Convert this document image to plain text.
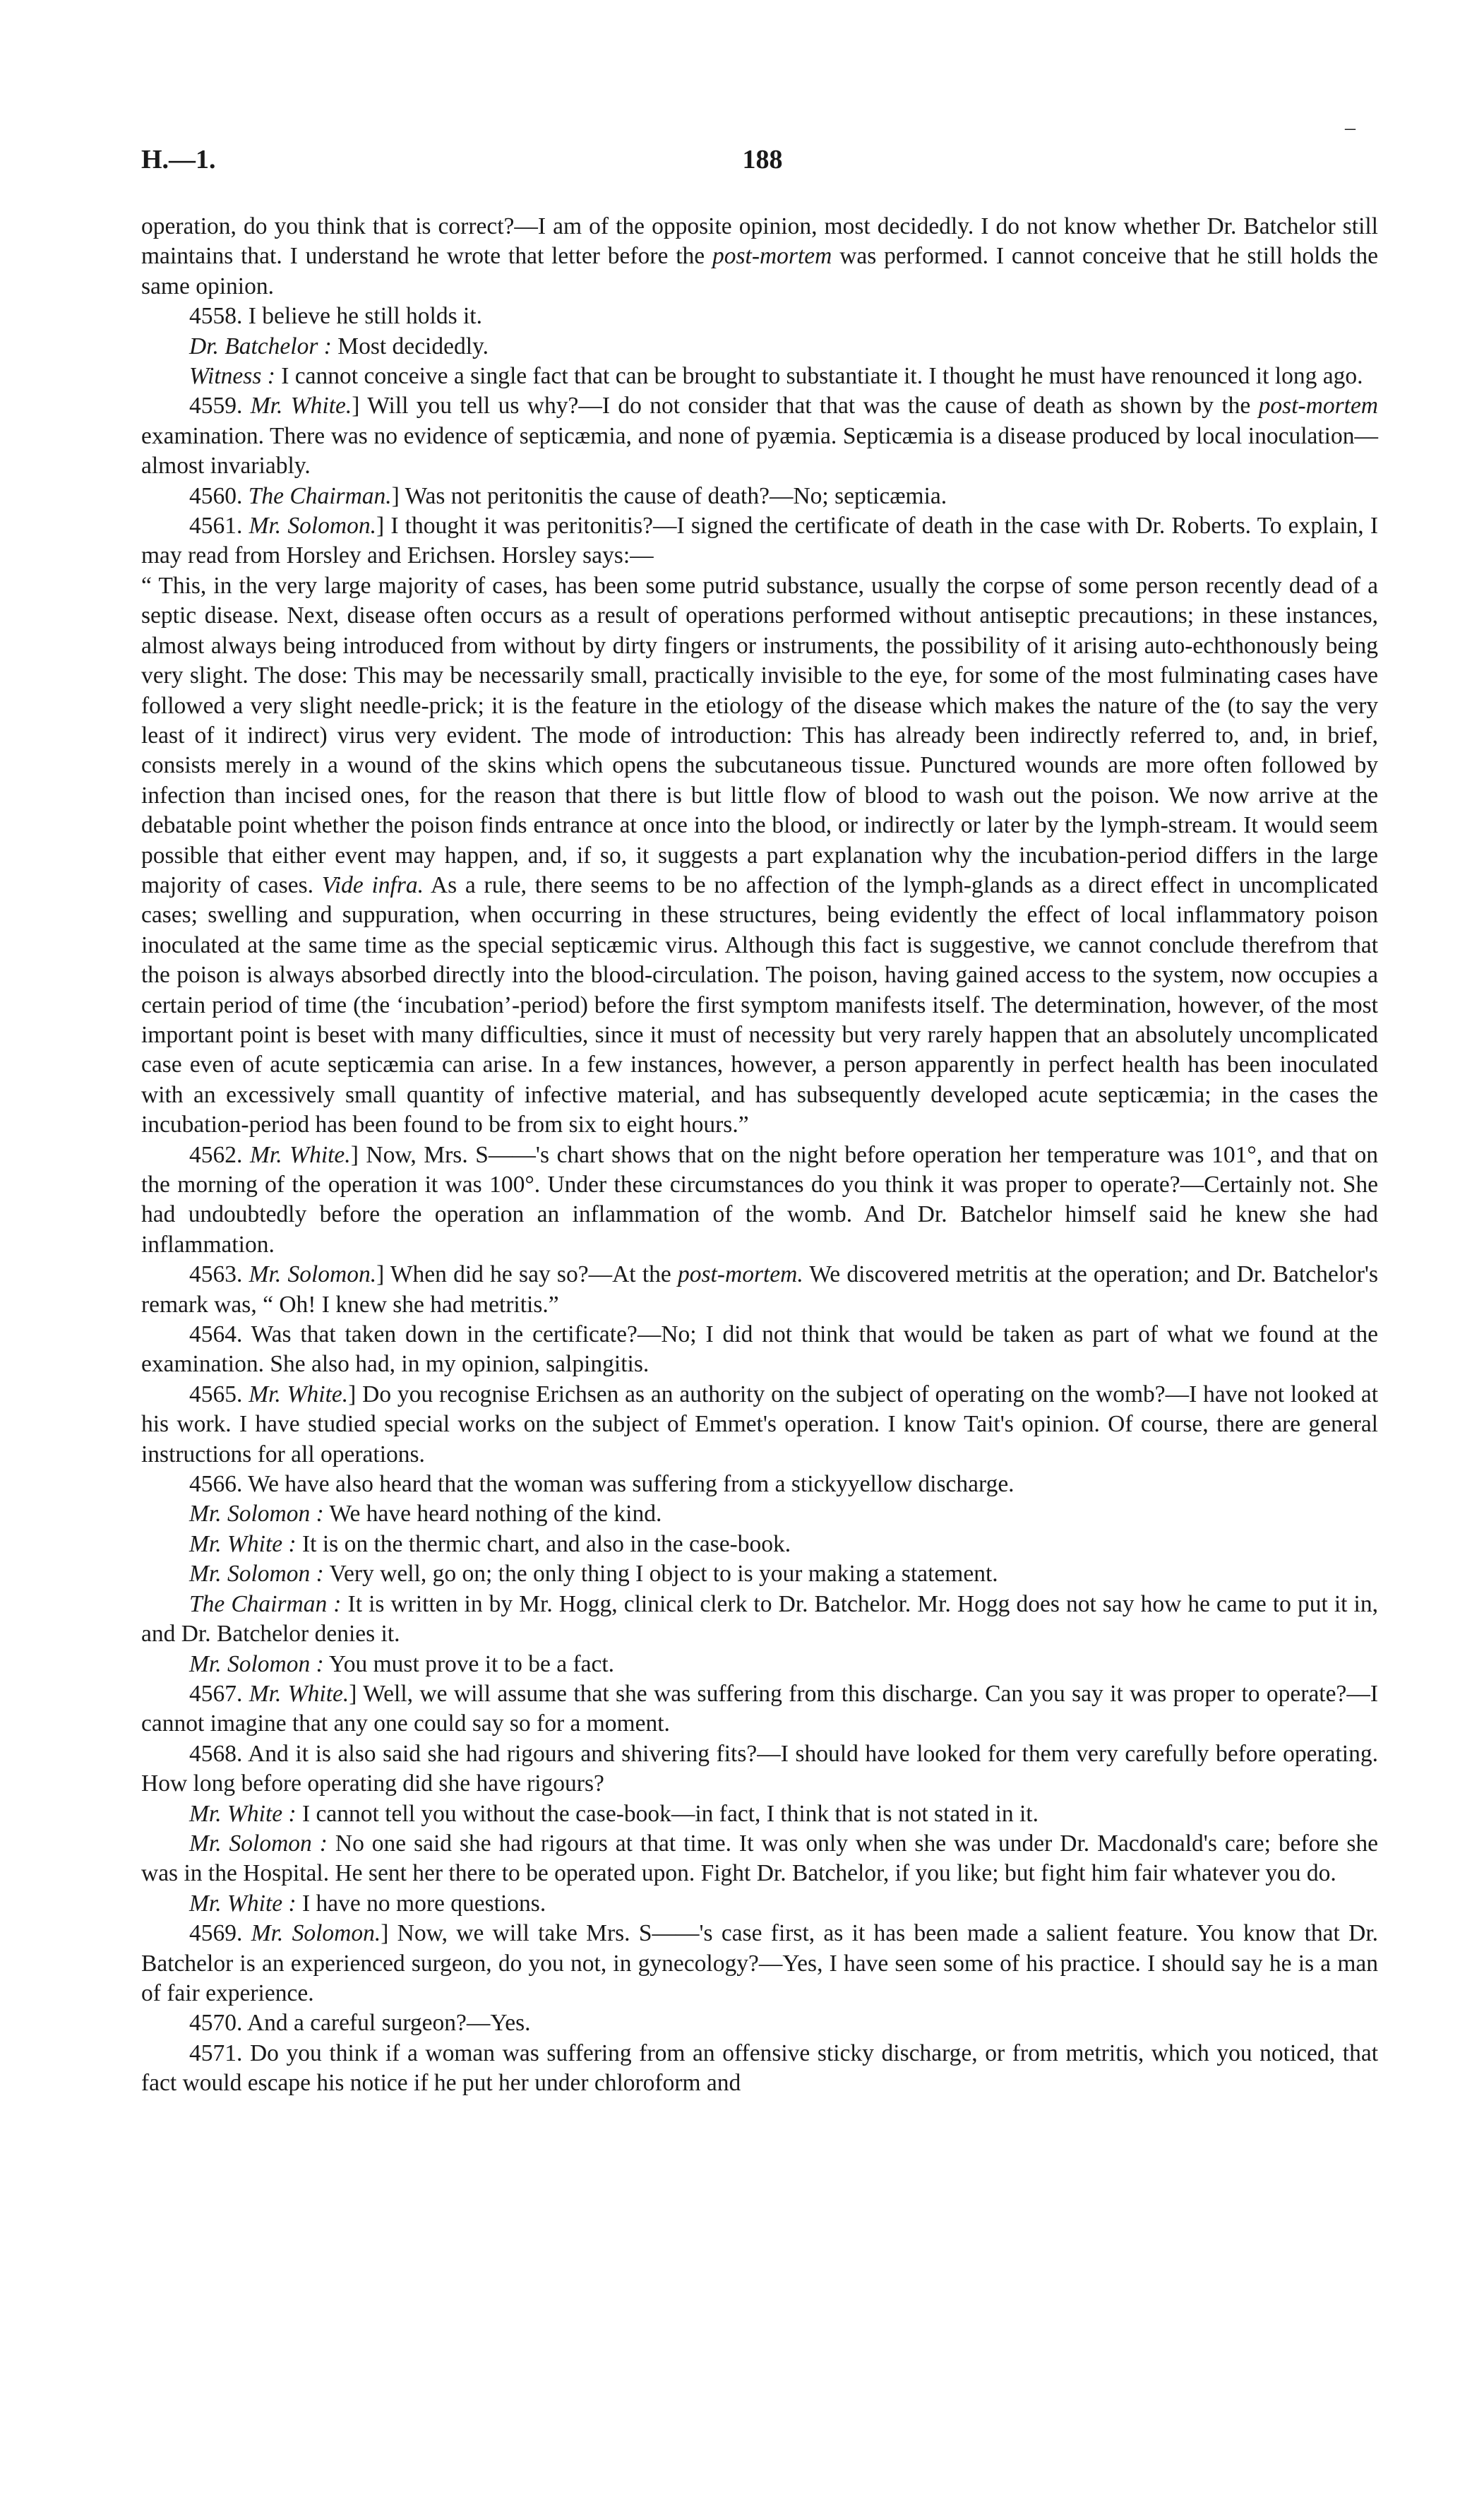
H.—1.	188
–

operation, do you think that is correct?—I am of the opposite opinion, most decidedly. I do not know whether Dr. Batchelor still maintains that. I understand he wrote that letter before the post-mortem was performed. I cannot conceive that he still holds the same opinion.

4558. I believe he still holds it.

Dr. Batchelor : Most decidedly.

Witness : I cannot conceive a single fact that can be brought to substantiate it. I thought he must have renounced it long ago.

4559. Mr. White.] Will you tell us why?—I do not consider that that was the cause of death as shown by the post-mortem examination. There was no evidence of septicæmia, and none of pyæmia. Septicæmia is a disease produced by local inoculation—almost invariably.

4560. The Chairman.] Was not peritonitis the cause of death?—No; septicæmia.

4561. Mr. Solomon.] I thought it was peritonitis?—I signed the certificate of death in the case with Dr. Roberts. To explain, I may read from Horsley and Erichsen. Horsley says:—

“ This, in the very large majority of cases, has been some putrid substance, usually the corpse of some person recently dead of a septic disease. Next, disease often occurs as a result of operations performed without antiseptic precautions; in these instances, almost always being introduced from without by dirty fingers or instruments, the possibility of it arising auto-echthonously being very slight. The dose: This may be necessarily small, practically invisible to the eye, for some of the most fulminating cases have followed a very slight needle-prick; it is the feature in the etiology of the disease which makes the nature of the (to say the very least of it indirect) virus very evident. The mode of introduction: This has already been indirectly referred to, and, in brief, consists merely in a wound of the skins which opens the subcutaneous tissue. Punctured wounds are more often followed by infection than incised ones, for the reason that there is but little flow of blood to wash out the poison. We now arrive at the debatable point whether the poison finds entrance at once into the blood, or indirectly or later by the lymph-stream. It would seem possible that either event may happen, and, if so, it suggests a part explanation why the incubation-period differs in the large majority of cases. Vide infra. As a rule, there seems to be no affection of the lymph-glands as a direct effect in uncomplicated cases; swelling and suppuration, when occurring in these structures, being evidently the effect of local inflammatory poison inoculated at the same time as the special septicæmic virus. Although this fact is suggestive, we cannot conclude therefrom that the poison is always absorbed directly into the blood-circulation. The poison, having gained access to the system, now occupies a certain period of time (the ‘incubation’-period) before the first symptom manifests itself. The determination, however, of the most important point is beset with many difficulties, since it must of necessity but very rarely happen that an absolutely uncomplicated case even of acute septicæmia can arise. In a few instances, however, a person apparently in perfect health has been inoculated with an excessively small quantity of infective material, and has subsequently developed acute septicæmia; in the cases the incubation-period has been found to be from six to eight hours.”

4562. Mr. White.] Now, Mrs. S——'s chart shows that on the night before operation her temperature was 101°, and that on the morning of the operation it was 100°. Under these circumstances do you think it was proper to operate?—Certainly not. She had undoubtedly before the operation an inflammation of the womb. And Dr. Batchelor himself said he knew she had inflammation.

4563. Mr. Solomon.] When did he say so?—At the post-mortem. We discovered metritis at the operation; and Dr. Batchelor's remark was, “ Oh! I knew she had metritis.”

4564. Was that taken down in the certificate?—No; I did not think that would be taken as part of what we found at the examination. She also had, in my opinion, salpingitis.

4565. Mr. White.] Do you recognise Erichsen as an authority on the subject of operating on the womb?—I have not looked at his work. I have studied special works on the subject of Emmet's operation. I know Tait's opinion. Of course, there are general instructions for all operations.

4566. We have also heard that the woman was suffering from a stickyyellow discharge.

Mr. Solomon : We have heard nothing of the kind.

Mr. White : It is on the thermic chart, and also in the case-book.

Mr. Solomon : Very well, go on; the only thing I object to is your making a statement.

The Chairman : It is written in by Mr. Hogg, clinical clerk to Dr. Batchelor. Mr. Hogg does not say how he came to put it in, and Dr. Batchelor denies it.

Mr. Solomon : You must prove it to be a fact.

4567. Mr. White.] Well, we will assume that she was suffering from this discharge. Can you say it was proper to operate?—I cannot imagine that any one could say so for a moment.

4568. And it is also said she had rigours and shivering fits?—I should have looked for them very carefully before operating. How long before operating did she have rigours?

Mr. White : I cannot tell you without the case-book—in fact, I think that is not stated in it.

Mr. Solomon : No one said she had rigours at that time. It was only when she was under Dr. Macdonald's care; before she was in the Hospital. He sent her there to be operated upon. Fight Dr. Batchelor, if you like; but fight him fair whatever you do.

Mr. White : I have no more questions.

4569. Mr. Solomon.] Now, we will take Mrs. S——'s case first, as it has been made a salient feature. You know that Dr. Batchelor is an experienced surgeon, do you not, in gynecology?—Yes, I have seen some of his practice. I should say he is a man of fair experience.

4570. And a careful surgeon?—Yes.

4571. Do you think if a woman was suffering from an offensive sticky discharge, or from metritis, which you noticed, that fact would escape his notice if he put her under chloroform and
